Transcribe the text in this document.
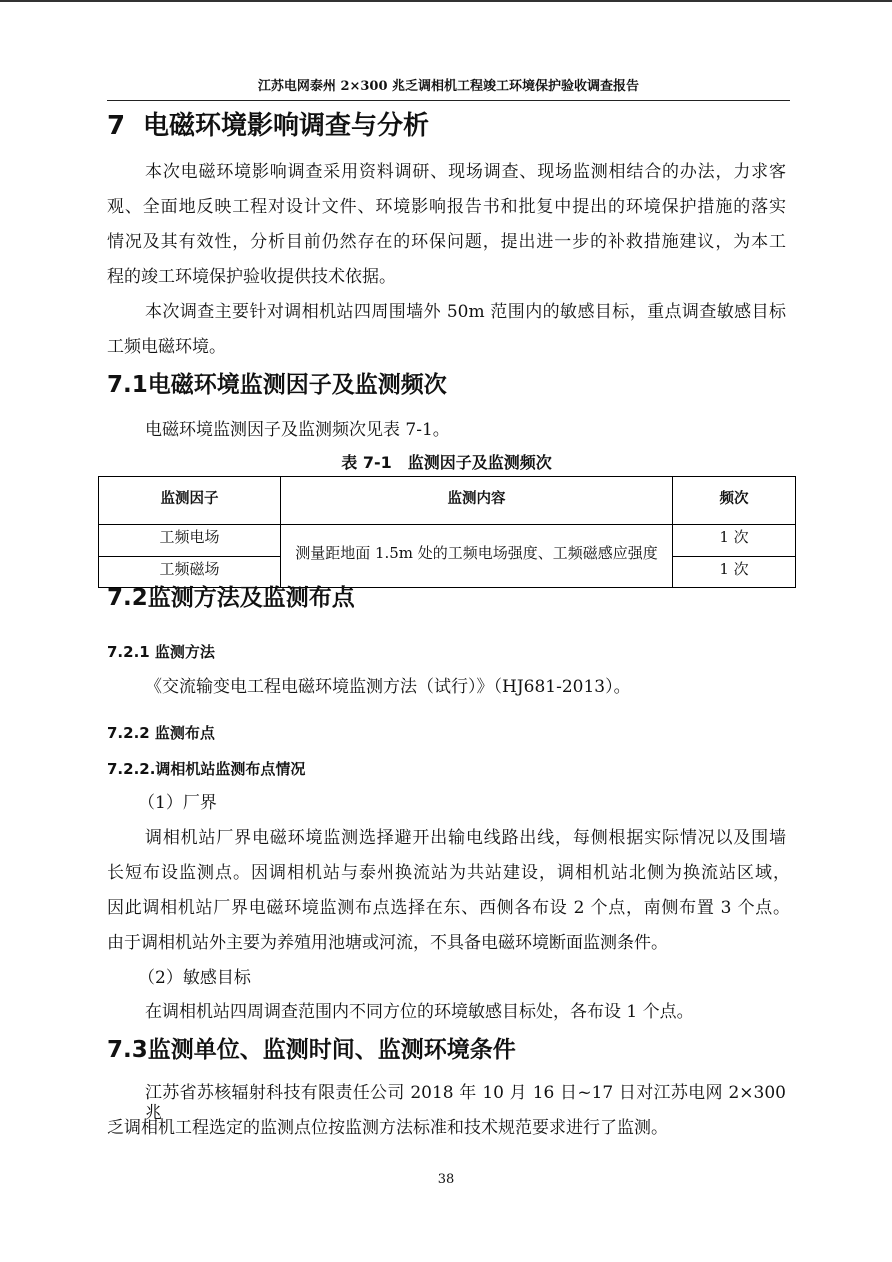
江苏电网泰州 2×300 兆乏调相机工程竣工环境保护验收调查报告
7 电磁环境影响调查与分析
本次电磁环境影响调查采用资料调研、现场调查、现场监测相结合的办法，力求客
观、全面地反映工程对设计文件、环境影响报告书和批复中提出的环境保护措施的落实
情况及其有效性，分析目前仍然存在的环保问题，提出进一步的补救措施建议，为本工
程的竣工环境保护验收提供技术依据。
本次调查主要针对调相机站四周围墙外 50m 范围内的敏感目标，重点调查敏感目标
工频电磁环境。
7.1电磁环境监测因子及监测频次
电磁环境监测因子及监测频次见表 7-1。
表 7-1　监测因子及监测频次
监测因子	监测内容	频次
工频电场	测量距地面 1.5m 处的工频电场强度、工频磁感应强度	1 次
工频磁场		1 次
7.2监测方法及监测布点
7.2.1 监测方法
《交流输变电工程电磁环境监测方法（试行）》（HJ681-2013）。
7.2.2 监测布点
7.2.2.调相机站监测布点情况
（1）厂界
调相机站厂界电磁环境监测选择避开出输电线路出线，每侧根据实际情况以及围墙
长短布设监测点。因调相机站与泰州换流站为共站建设，调相机站北侧为换流站区域，
因此调相机站厂界电磁环境监测布点选择在东、西侧各布设 2 个点，南侧布置 3 个点。
由于调相机站外主要为养殖用池塘或河流，不具备电磁环境断面监测条件。
（2）敏感目标
在调相机站四周调查范围内不同方位的环境敏感目标处，各布设 1 个点。
7.3监测单位、监测时间、监测环境条件
江苏省苏核辐射科技有限责任公司 2018 年 10 月 16 日~17 日对江苏电网 2×300 兆
乏调相机工程选定的监测点位按监测方法标准和技术规范要求进行了监测。
38
